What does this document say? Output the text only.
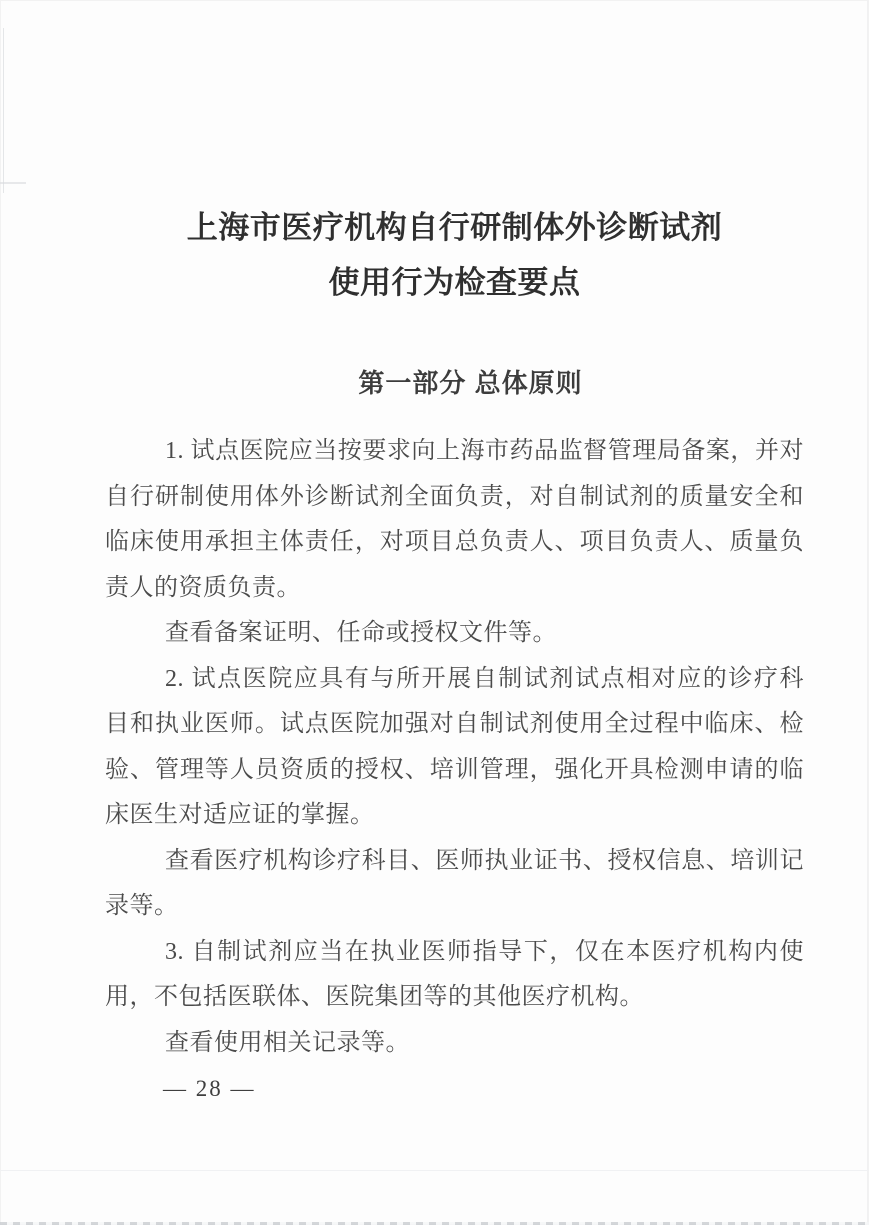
上海市医疗机构自行研制体外诊断试剂
使用行为检查要点
第一部分 总体原则
1. 试点医院应当按要求向上海市药品监督管理局备案，并对
自行研制使用体外诊断试剂全面负责，对自制试剂的质量安全和
临床使用承担主体责任，对项目总负责人、项目负责人、质量负
责人的资质负责。
查看备案证明、任命或授权文件等。
2. 试点医院应具有与所开展自制试剂试点相对应的诊疗科
目和执业医师。试点医院加强对自制试剂使用全过程中临床、检
验、管理等人员资质的授权、培训管理，强化开具检测申请的临
床医生对适应证的掌握。
查看医疗机构诊疗科目、医师执业证书、授权信息、培训记
录等。
3. 自制试剂应当在执业医师指导下，仅在本医疗机构内使
用，不包括医联体、医院集团等的其他医疗机构。
查看使用相关记录等。
— 28 —
